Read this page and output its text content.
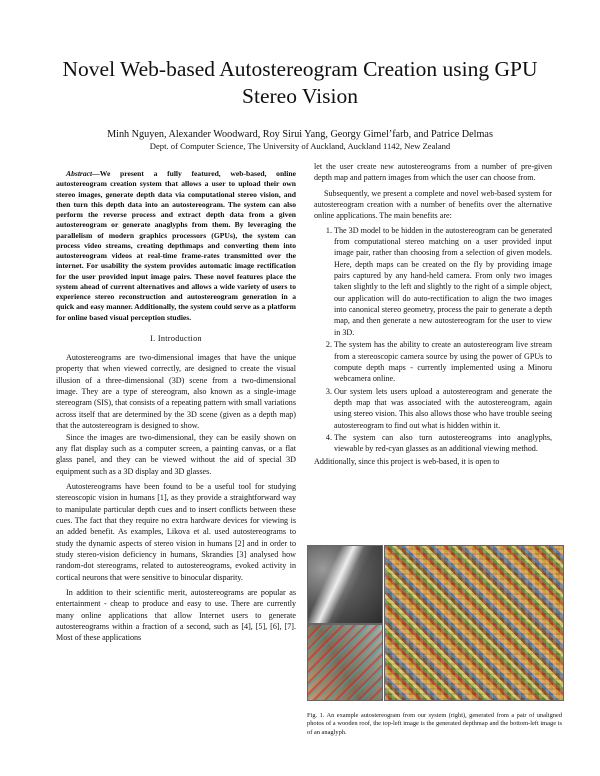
Novel Web-based Autostereogram Creation using GPU Stereo Vision
Minh Nguyen, Alexander Woodward, Roy Sirui Yang, Georgy Gimel’farb, and Patrice Delmas
Dept. of Computer Science, The University of Auckland, Auckland 1142, New Zealand

Abstract—We present a fully featured, web-based, online autostereogram creation system that allows a user to upload their own stereo images, generate depth data via computational stereo vision, and then turn this depth data into an autostereogram. The system can also perform the reverse process and extract depth data from a given autostereogram or generate anaglyphs from them. By leveraging the parallelism of modern graphics processors (GPUs), the system can process video streams, creating depthmaps and converting them into autostereogram videos at real-time frame-rates transmitted over the internet. For usability the system provides automatic image rectification for the user provided input image pairs. These novel features place the system ahead of current alternatives and allows a wide variety of users to experience stereo reconstruction and autostereogram generation in a quick and easy manner. Additionally, the system could serve as a platform for online based visual perception studies.

I. Introduction

Autostereograms are two-dimensional images that have the unique property that when viewed correctly, are designed to create the visual illusion of a three-dimensional (3D) scene from a two-dimensional image. They are a type of stereogram, also known as a single-image stereogram (SIS), that consists of a repeating pattern with small variations across itself that are determined by the 3D scene (given as a depth map) that the autostereogram is designed to show.

Since the images are two-dimensional, they can be easily shown on any flat display such as a computer screen, a painting canvas, or a flat glass panel, and they can be viewed without the aid of special 3D equipment such as a 3D display and 3D glasses.

Autostereograms have been found to be a useful tool for studying stereoscopic vision in humans [1], as they provide a straightforward way to manipulate particular depth cues and to insert conflicts between these cues. The fact that they require no extra hardware devices for viewing is an added benefit. As examples, Likova et al. used autostereograms to study the dynamic aspects of stereo vision in humans [2] and in order to study stereo-vision deficiency in humans, Skrandies [3] analysed how random-dot stereograms, related to autostereograms, evoked activity in cortical neurons that were sensitive to binocular disparity.

In addition to their scientific merit, autostereograms are popular as entertainment - cheap to produce and easy to use. There are currently many online applications that allow Internet users to generate autostereograms within a fraction of a second, such as [4], [5], [6], [7]. Most of these applications

let the user create new autostereograms from a number of pre-given depth map and pattern images from which the user can choose from.

Subsequently, we present a complete and novel web-based system for autostereogram creation with a number of benefits over the alternative online applications. The main benefits are:

1. The 3D model to be hidden in the autostereogram can be generated from computational stereo matching on a user provided input image pair, rather than choosing from a selection of given models. Here, depth maps can be created on the fly by providing image pairs captured by any hand-held camera. From only two images taken slightly to the left and slightly to the right of a simple object, our application will do auto-rectification to align the two images into canonical stereo geometry, process the pair to generate a depth map, and then generate a new autostereogram for the user to view in 3D.
2. The system has the ability to create an autostereogram live stream from a stereoscopic camera source by using the power of GPUs to compute depth maps - currently implemented using a Minoru webcamera online.
3. Our system lets users upload a autostereogram and generate the depth map that was associated with the autostereogram, again using stereo vision. This also allows those who have trouble seeing autostereogram to find out what is hidden within it.
4. The system can also turn autostereograms into anaglyphs, viewable by red-cyan glasses as an additional viewing method.

Additionally, since this project is web-based, it is open to

Fig. 1. An example autostereogram from our system (right), generated from a pair of unaligned photos of a wooden roof, the top-left image is the generated depthmap and the bottom-left image is of an anaglyph.
